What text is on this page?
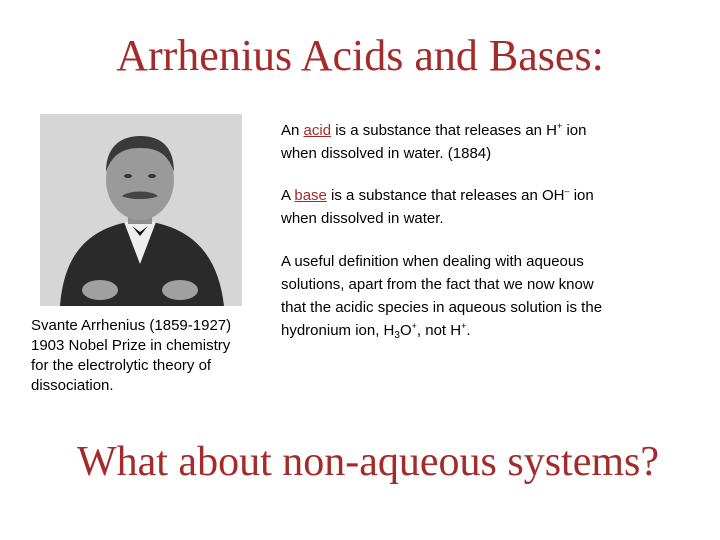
Arrhenius Acids and Bases:
Svante Arrhenius (1859-1927)
1903 Nobel Prize in chemistry
for the electrolytic theory of
dissociation.
An acid is a substance that releases an H+ ion
when dissolved in water. (1884)
A base is a substance that releases an OH– ion
when dissolved in water.
A useful definition when dealing with aqueous
solutions, apart from the fact that we now know
that the acidic species in aqueous solution is the
hydronium ion, $H_3O^+$, not H+.
What about non-aqueous systems?
